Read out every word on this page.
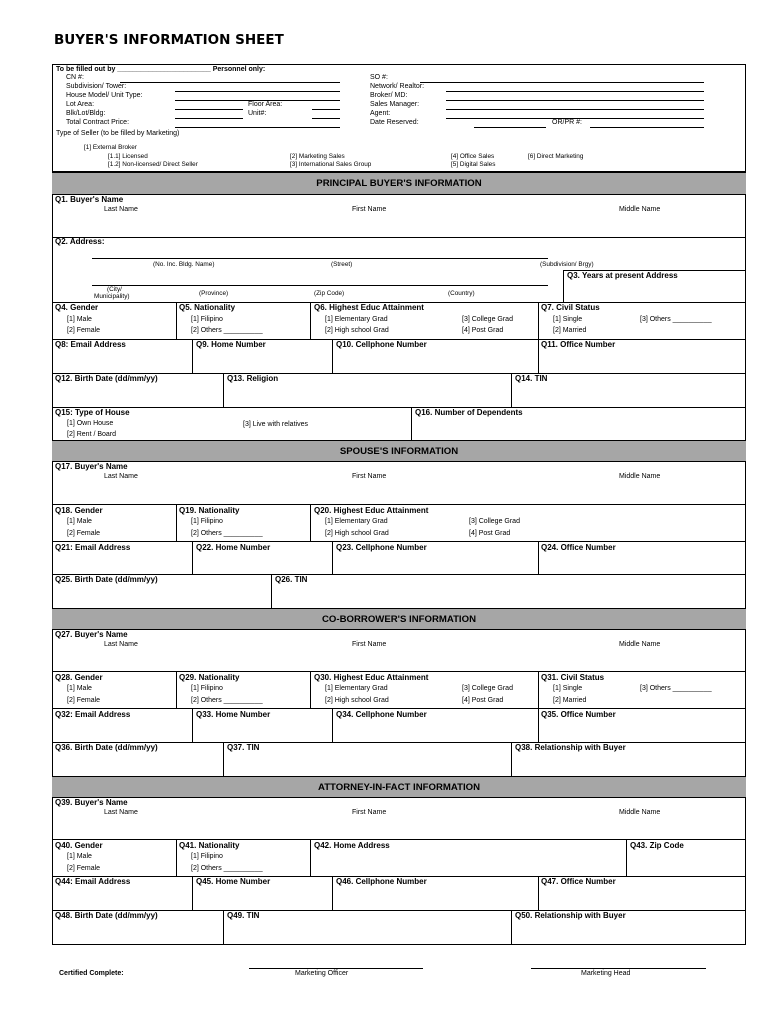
BUYER'S INFORMATION SHEET
To be filled out by ________________________ Personnel only:
CN #:
Subdivision/ Tower:
House Model/ Unit Type:
Lot Area:
Blk/Lot/Bldg:
Total Contract Price:
Floor Area:
Unit#:
SO #:
Network/ Realtor:
Broker/ MD:
Sales Manager:
Agent:
Date Reserved:	OR/PR #:
Type of Seller (to be filled by Marketing)
[1] External Broker
[1.1] Licensed
[1.2] Non-licensed/ Direct Seller
[2] Marketing Sales
[3] International Sales Group
[4] Office Sales
[5] Digital Sales
[6] Direct Marketing
PRINCIPAL BUYER'S INFORMATION
Q1. Buyer's Name
Last Name	First Name	Middle Name
Q2. Address:
(No. Inc. Bldg. Name)	(Street)	(Subdivision/ Brgy)
Q3. Years at present Address
(City/
Municipality)	(Province)	(Zip Code)	(Country)
Q4. Gender
[1] Male
[2] Female
Q5. Nationality
[1] Filipino
[2] Others __________
Q6. Highest Educ Attainment
[1] Elementary Grad
[2] High school Grad
[3] College Grad
[4] Post Grad
Q7. Civil Status
[1] Single
[2] Married
[3] Others __________
Q8: Email Address	Q9. Home Number	Q10. Cellphone Number	Q11. Office Number
Q12. Birth Date (dd/mm/yy)	Q13. Religion	Q14. TIN
Q15: Type of House
[1] Own House	[3] Live with relatives
[2] Rent / Board
Q16. Number of Dependents
SPOUSE'S INFORMATION
Q17. Buyer's Name
Last Name	First Name	Middle Name
Q18. Gender
[1] Male
[2] Female
Q19. Nationality
[1] Filipino
[2] Others __________
Q20. Highest Educ Attainment
[1] Elementary Grad
[2] High school Grad
[3] College Grad
[4] Post Grad
Q21: Email Address	Q22. Home Number	Q23. Cellphone Number	Q24. Office Number
Q25. Birth Date (dd/mm/yy)	Q26. TIN
CO-BORROWER'S INFORMATION
Q27. Buyer's Name
Last Name	First Name	Middle Name
Q28. Gender
[1] Male
[2] Female
Q29. Nationality
[1] Filipino
[2] Others __________
Q30. Highest Educ Attainment
[1] Elementary Grad
[2] High school Grad
[3] College Grad
[4] Post Grad
Q31. Civil Status
[1] Single
[2] Married
[3] Others __________
Q32: Email Address	Q33. Home Number	Q34. Cellphone Number	Q35. Office Number
Q36. Birth Date (dd/mm/yy)	Q37. TIN	Q38. Relationship with Buyer
ATTORNEY-IN-FACT INFORMATION
Q39. Buyer's Name
Last Name	First Name	Middle Name
Q40. Gender
[1] Male
[2] Female
Q41. Nationality
[1] Filipino
[2] Others __________
Q42. Home Address	Q43. Zip Code
Q44: Email Address	Q45. Home Number	Q46. Cellphone Number	Q47. Office Number
Q48. Birth Date (dd/mm/yy)	Q49. TIN	Q50. Relationship with Buyer
Certified Complete:	Marketing Officer	Marketing Head
